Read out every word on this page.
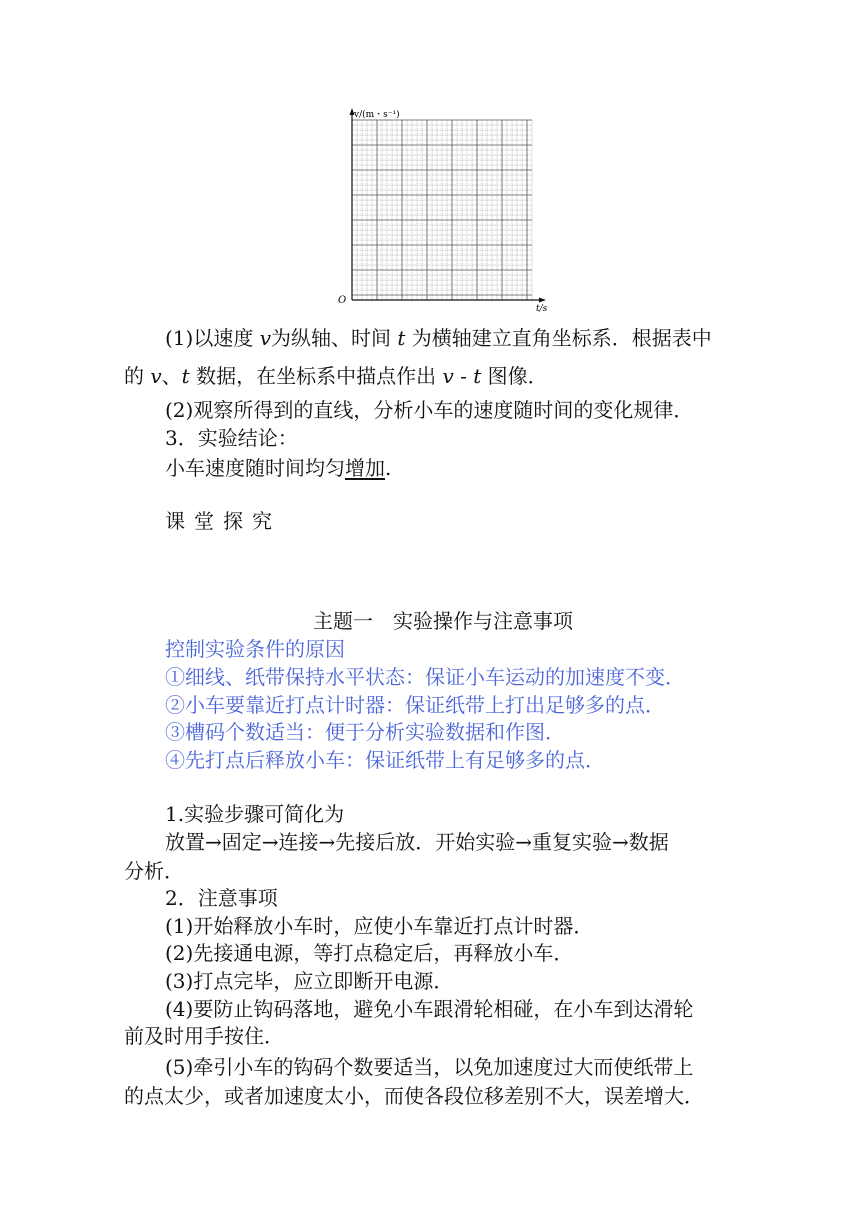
v/(m・s⁻¹)
t/s
O
(1)以速度 v为纵轴、时间 t 为横轴建立直角坐标系．根据表中
的 v、t 数据，在坐标系中描点作出 v - t 图像．
(2)观察所得到的直线，分析小车的速度随时间的变化规律．
3．实验结论：
小车速度随时间均匀增加.
课堂探究
主题一　实验操作与注意事项
控制实验条件的原因
①细线、纸带保持水平状态：保证小车运动的加速度不变．
②小车要靠近打点计时器：保证纸带上打出足够多的点．
③槽码个数适当：便于分析实验数据和作图．
④先打点后释放小车：保证纸带上有足够多的点．
1.实验步骤可简化为
放置→固定→连接→先接后放．开始实验→重复实验→数据
分析．
2．注意事项
(1)开始释放小车时，应使小车靠近打点计时器．
(2)先接通电源，等打点稳定后，再释放小车．
(3)打点完毕，应立即断开电源．
(4)要防止钩码落地，避免小车跟滑轮相碰，在小车到达滑轮
前及时用手按住．
(5)牵引小车的钩码个数要适当，以免加速度过大而使纸带上
的点太少，或者加速度太小，而使各段位移差别不大，误差增大．
